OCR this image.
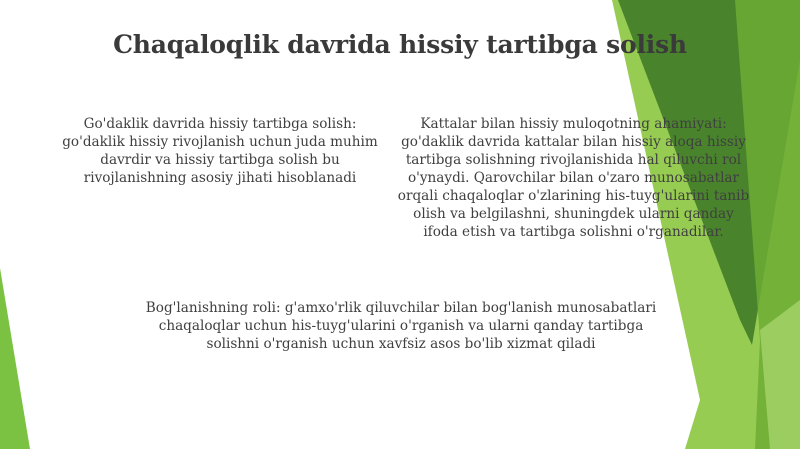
Chaqaloqlik davrida hissiy tartibga solish

Go'daklik davrida hissiy tartibga solish: go'daklik hissiy rivojlanish uchun juda muhim davrdir va hissiy tartibga solish bu rivojlanishning asosiy jihati hisoblanadi

Kattalar bilan hissiy muloqotning ahamiyati: go'daklik davrida kattalar bilan hissiy aloqa hissiy tartibga solishning rivojlanishida hal qiluvchi rol o'ynaydi. Qarovchilar bilan o'zaro munosabatlar orqali chaqaloqlar o'zlarining his-tuyg'ularini tanib olish va belgilashni, shuningdek ularni qanday ifoda etish va tartibga solishni o'rganadilar.

Bog'lanishning roli: g'amxo'rlik qiluvchilar bilan bog'lanish munosabatlari chaqaloqlar uchun his-tuyg'ularini o'rganish va ularni qanday tartibga solishni o'rganish uchun xavfsiz asos bo'lib xizmat qiladi
